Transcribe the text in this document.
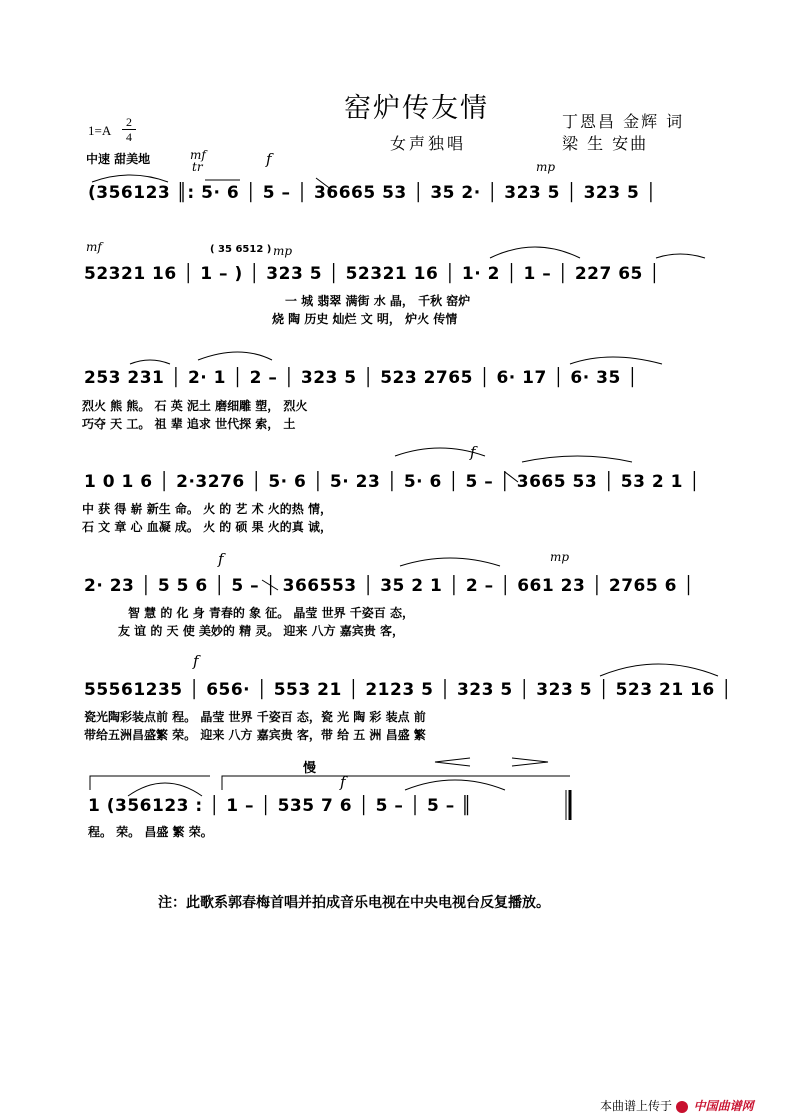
窑炉传友情
女声独唱
丁恩昌 金辉 词
梁 生 安曲
1=A
2
4
中速 甜美地	mf
tr	f	mp
mf	mp
f
f	mp
f
慢
f
(356123 ║: 5· 6 │ 5 – │ 36665 53 │ 35 2· │ 323 5 │ 323 5 │
( 35 6512 )
52321 16 │ 1 – ) │ 323 5 │ 52321 16 │ 1· 2 │ 1 – │ 227 65 │
一 城 翡翠 满街 水 晶， 千秋 窑炉
烧 陶 历史 灿烂 文 明， 炉火 传情
253 231 │ 2· 1 │ 2 – │ 323 5 │ 523 2765 │ 6· 17 │ 6· 35 │
烈火 熊 熊。 石 英 泥土 磨细雕 塑， 烈火
巧夺 天 工。 祖 辈 追求 世代探 索， 土
1 0 1 6 │ 2·3276 │ 5· 6 │ 5· 23 │ 5· 6 │ 5 – │ 3665 53 │ 53 2 1 │
中 获 得 崭 新生 命。 火 的 艺 术 火的热 情，
石 文 章 心 血凝 成。 火 的 硕 果 火的真 诚，
2· 23 │ 5 5 6 │ 5 – │ 366553 │ 35 2 1 │ 2 – │ 661 23 │ 2765 6 │
智 慧 的 化 身 青春的 象 征。 晶莹 世界 千姿百 态，
友 谊 的 天 使 美妙的 精 灵。 迎来 八方 嘉宾贵 客，
55561235 │ 656· │ 553 21 │ 2123 5 │ 323 5 │ 323 5 │ 523 21 16 │
瓷光陶彩装点前 程。 晶莹 世界 千姿百 态，瓷 光 陶 彩 装点 前
带给五洲昌盛繁 荣。 迎来 八方 嘉宾贵 客，带 给 五 洲 昌盛 繁
1 (356123 : │ 1 – │ 535 7 6 │ 5 – │ 5 – ║
程。 荣。 昌盛 繁 荣。
注：此歌系郭春梅首唱并拍成音乐电视在中央电视台反复播放。
本曲谱上传于 中国曲谱网
